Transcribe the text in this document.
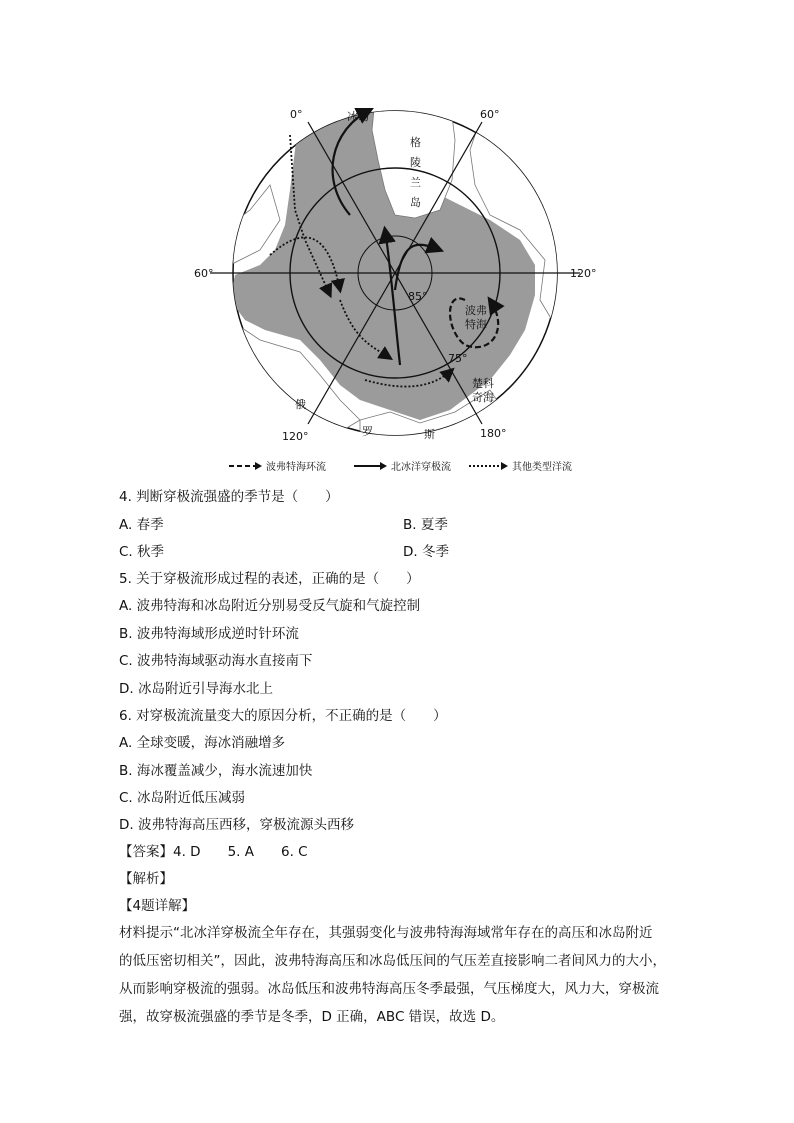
0°	60°
60°	120°
120°	180°
85°
75°
冰岛
格
陵
兰
岛
波弗
特海
楚科
奇海
俄
罗	斯
波弗特海环流	北冰洋穿极流	其他类型洋流
4. 判断穿极流强盛的季节是（　　）
A. 春季	B. 夏季
C. 秋季	D. 冬季
5. 关于穿极流形成过程的表述，正确的是（　　）
A. 波弗特海和冰岛附近分别易受反气旋和气旋控制
B. 波弗特海域形成逆时针环流
C. 波弗特海域驱动海水直接南下
D. 冰岛附近引导海水北上
6. 对穿极流流量变大的原因分析，不正确的是（　　）
A. 全球变暖，海冰消融增多
B. 海冰覆盖减少，海水流速加快
C. 冰岛附近低压减弱
D. 波弗特海高压西移，穿极流源头西移
【答案】4. D　　5. A　　6. C
【解析】
【4题详解】
材料提示“北冰洋穿极流全年存在，其强弱变化与波弗特海海域常年存在的高压和冰岛附近
的低压密切相关”，因此，波弗特海高压和冰岛低压间的气压差直接影响二者间风力的大小，
从而影响穿极流的强弱。冰岛低压和波弗特海高压冬季最强，气压梯度大，风力大，穿极流
强，故穿极流强盛的季节是冬季，D 正确，ABC 错误，故选 D。
